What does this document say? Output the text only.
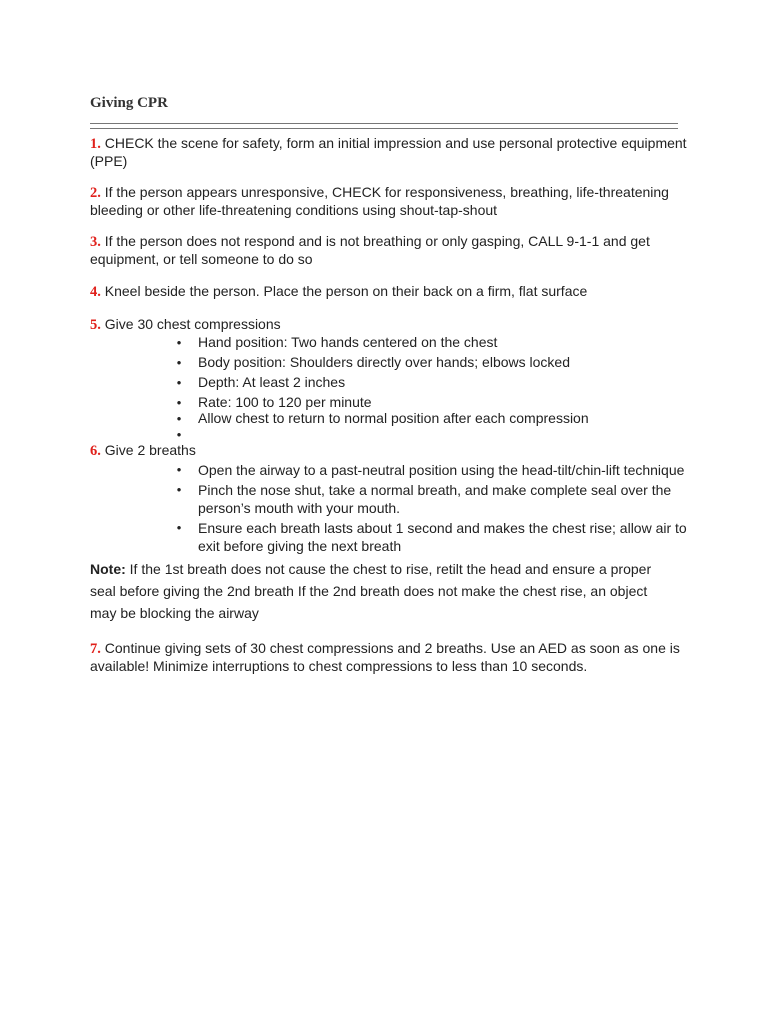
Giving CPR

1. CHECK the scene for safety, form an initial impression and use personal protective equipment (PPE)

2. If the person appears unresponsive, CHECK for responsiveness, breathing, life-threatening bleeding or other life-threatening conditions using shout-tap-shout

3. If the person does not respond and is not breathing or only gasping, CALL 9-1-1 and get equipment, or tell someone to do so

4. Kneel beside the person. Place the person on their back on a firm, flat surface

5. Give 30 chest compressions

• Hand position: Two hands centered on the chest
• Body position: Shoulders directly over hands; elbows locked
• Depth: At least 2 inches
• Rate: 100 to 120 per minute
• Allow chest to return to normal position after each compression
•

6. Give 2 breaths

• Open the airway to a past-neutral position using the head-tilt/chin-lift technique
• Pinch the nose shut, take a normal breath, and make complete seal over the person’s mouth with your mouth.
• Ensure each breath lasts about 1 second and makes the chest rise; allow air to exit before giving the next breath

Note: If the 1st breath does not cause the chest to rise, retilt the head and ensure a proper seal before giving the 2nd breath If the 2nd breath does not make the chest rise, an object may be blocking the airway

7. Continue giving sets of 30 chest compressions and 2 breaths. Use an AED as soon as one is available! Minimize interruptions to chest compressions to less than 10 seconds.
